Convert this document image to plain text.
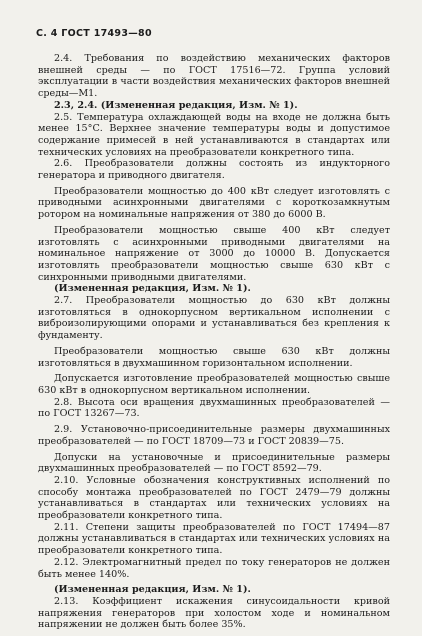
С. 4 ГОСТ 17493—80

2.4. Требования по воздействию механических факторов внешней среды — по ГОСТ 17516—72. Группа условий эксплуатации в части воздействия механических факторов внешней среды—М1.

2.3, 2.4. (Измененная редакция, Изм. № 1).

2.5. Температура охлаждающей воды на входе не должна быть менее 15°С. Верхнее значение температуры воды и допустимое содержание примесей в ней устанавливаются в стандартах или технических условиях на преобразователи конкретного типа.

2.6. Преобразователи должны состоять из индукторного генератора и приводного двигателя.

Преобразователи мощностью до 400 кВт следует изготовлять с приводными асинхронными двигателями с короткозамкнутым ротором на номинальные напряжения от 380 до 6000 В.

Преобразователи мощностью свыше 400 кВт следует изготовлять с асинхронными приводными двигателями на номинальное напряжение от 3000 до 10000 В. Допускается изготовлять преобразователи мощностью свыше 630 кВт с синхронными приводными двигателями.

(Измененная редакция, Изм. № 1).

2.7. Преобразователи мощностью до 630 кВт должны изготовляться в однокорпусном вертикальном исполнении с виброизолирующими опорами и устанавливаться без крепления к фундаменту.

Преобразователи мощностью свыше 630 кВт должны изготовляться в двухмашинном горизонтальном исполнении.

Допускается изготовление преобразователей мощностью свыше 630 кВт в однокорпусном вертикальном исполнении.

2.8. Высота оси вращения двухмашинных преобразователей — по ГОСТ 13267—73.

2.9. Установочно-присоединительные размеры двухмашинных преобразователей — по ГОСТ 18709—73 и ГОСТ 20839—75.

Допуски на установочные и присоединительные размеры двухмашинных преобразователей — по ГОСТ 8592—79.

2.10. Условные обозначения конструктивных исполнений по способу монтажа преобразователей по ГОСТ 2479—79 должны устанавливаться в стандартах или технических условиях на преобразователи конкретного типа.

2.11. Степени защиты преобразователей по ГОСТ 17494—87 должны устанавливаться в стандартах или технических условиях на преобразователи конкретного типа.

2.12. Электромагнитный предел по току генераторов не должен быть менее 140%.

(Измененная редакция, Изм. № 1).

2.13. Коэффициент искажения синусоидальности кривой напряжения генераторов при холостом ходе и номинальном напряжении не должен быть более 35%.
